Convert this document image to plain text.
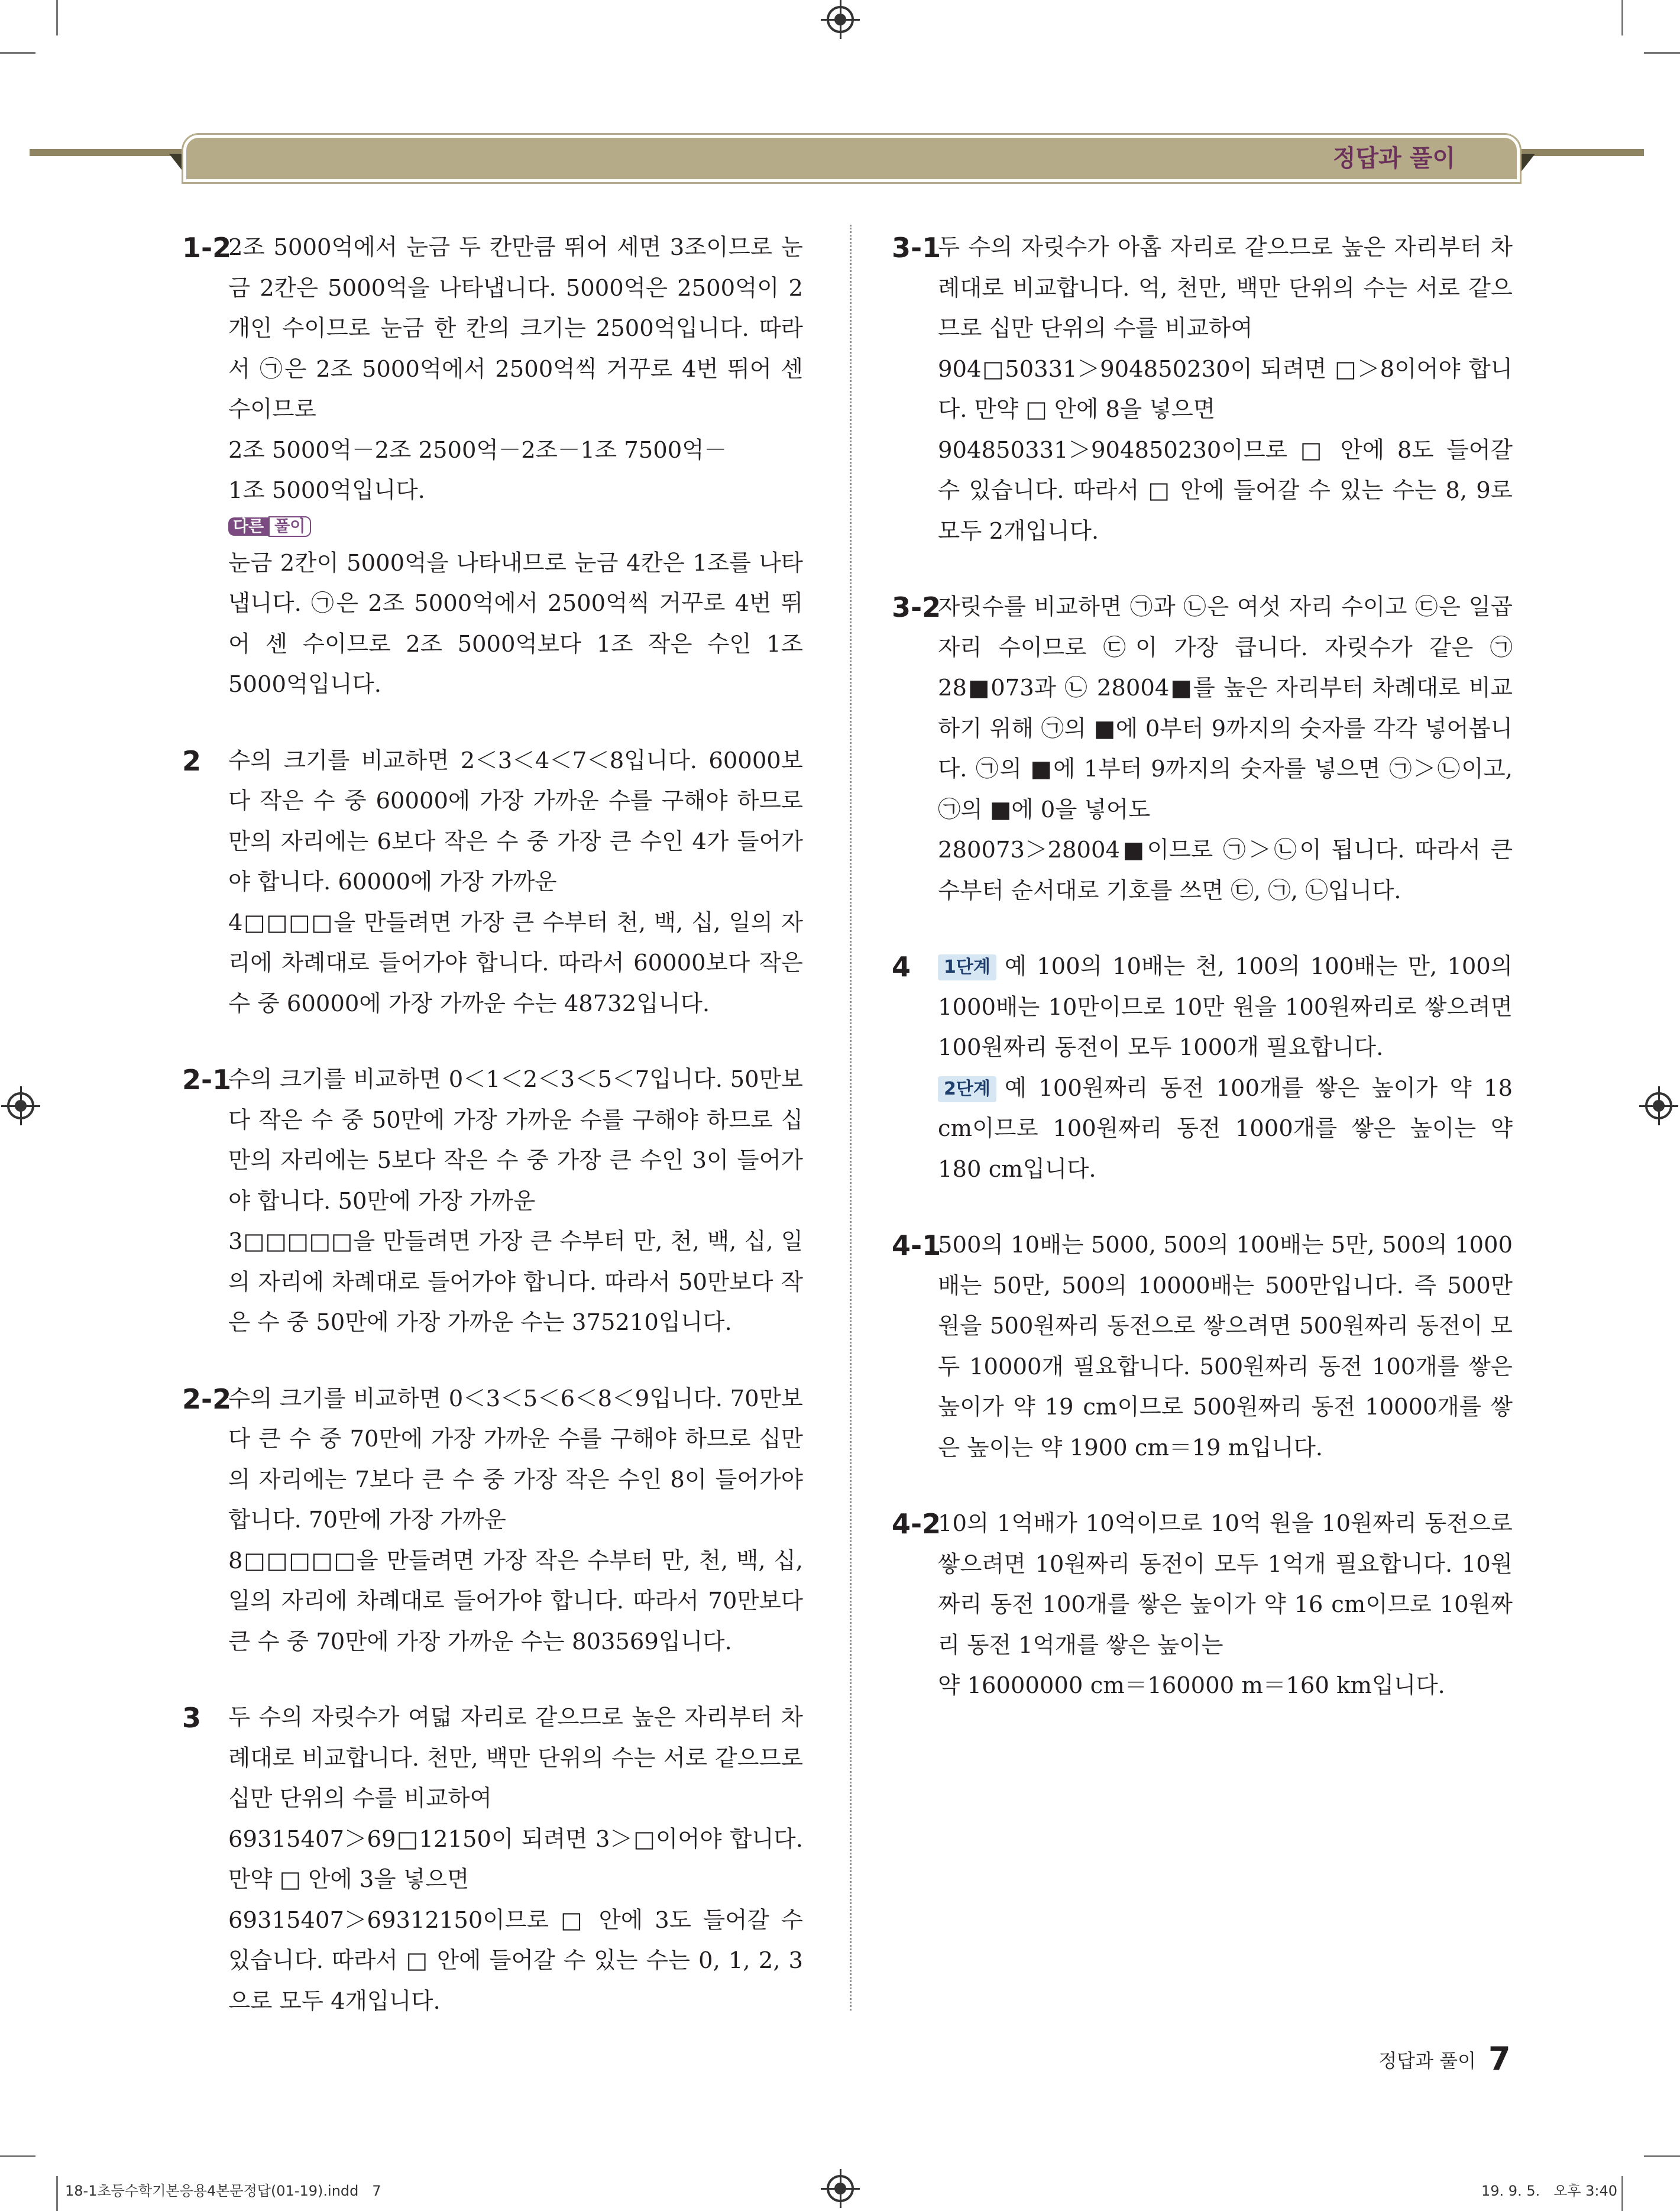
정답과 풀이
1-2

2조 5000억에서 눈금 두 칸만큼 뛰어 세면 3조이므로 눈금 2칸은 5000억을 나타냅니다. 5000억은 2500억이 2개인 수이므로 눈금 한 칸의 크기는 2500억입니다. 따라서 ㉠은 2조 5000억에서 2500억씩 거꾸로 4번 뛰어 센 수이므로

2조 5000억－2조 2500억－2조－1조 7500억－

1조 5000억입니다.

다른 풀이

눈금 2칸이 5000억을 나타내므로 눈금 4칸은 1조를 나타냅니다. ㉠은 2조 5000억에서 2500억씩 거꾸로 4번 뛰어 센 수이므로 2조 5000억보다 1조 작은 수인 1조 5000억입니다.

2 수의 크기를 비교하면 2＜3＜4＜7＜8입니다. 60000보다 작은 수 중 60000에 가장 가까운 수를 구해야 하므로 만의 자리에는 6보다 작은 수 중 가장 큰 수인 4가 들어가야 합니다. 60000에 가장 가까운

4□□□□을 만들려면 가장 큰 수부터 천, 백, 십, 일의 자리에 차례대로 들어가야 합니다. 따라서 60000보다 작은 수 중 60000에 가장 가까운 수는 48732입니다.

2-1

수의 크기를 비교하면 0＜1＜2＜3＜5＜7입니다. 50만보다 작은 수 중 50만에 가장 가까운 수를 구해야 하므로 십만의 자리에는 5보다 작은 수 중 가장 큰 수인 3이 들어가야 합니다. 50만에 가장 가까운

3□□□□□을 만들려면 가장 큰 수부터 만, 천, 백, 십, 일의 자리에 차례대로 들어가야 합니다. 따라서 50만보다 작은 수 중 50만에 가장 가까운 수는 375210입니다.

2-2

수의 크기를 비교하면 0＜3＜5＜6＜8＜9입니다. 70만보다 큰 수 중 70만에 가장 가까운 수를 구해야 하므로 십만의 자리에는 7보다 큰 수 중 가장 작은 수인 8이 들어가야 합니다. 70만에 가장 가까운

8□□□□□을 만들려면 가장 작은 수부터 만, 천, 백, 십, 일의 자리에 차례대로 들어가야 합니다. 따라서 70만보다 큰 수 중 70만에 가장 가까운 수는 803569입니다.

3 두 수의 자릿수가 여덟 자리로 같으므로 높은 자리부터 차례대로 비교합니다. 천만, 백만 단위의 수는 서로 같으므로 십만 단위의 수를 비교하여

69315407＞69□12150이 되려면 3＞□이어야 합니다. 만약 □ 안에 3을 넣으면

69315407＞69312150이므로 □ 안에 3도 들어갈 수 있습니다. 따라서 □ 안에 들어갈 수 있는 수는 0, 1, 2, 3으로 모두 4개입니다.

3-1

두 수의 자릿수가 아홉 자리로 같으므로 높은 자리부터 차례대로 비교합니다. 억, 천만, 백만 단위의 수는 서로 같으므로 십만 단위의 수를 비교하여

904□50331＞904850230이 되려면 □＞8이어야 합니다. 만약 □ 안에 8을 넣으면

904850331＞904850230이므로 □ 안에 8도 들어갈 수 있습니다. 따라서 □ 안에 들어갈 수 있는 수는 8, 9로 모두 2개입니다.

3-2

자릿수를 비교하면 ㉠과 ㉡은 여섯 자리 수이고 ㉢은 일곱 자리 수이므로 ㉢이 가장 큽니다. 자릿수가 같은 ㉠ 28■073과 ㉡ 28004■를 높은 자리부터 차례대로 비교하기 위해 ㉠의 ■에 0부터 9까지의 숫자를 각각 넣어봅니다. ㉠의 ■에 1부터 9까지의 숫자를 넣으면 ㉠＞㉡이고, ㉠의 ■에 0을 넣어도

280073＞28004■이므로 ㉠＞㉡이 됩니다. 따라서 큰 수부터 순서대로 기호를 쓰면 ㉢, ㉠, ㉡입니다.

4	1단계 예 100의 10배는 천, 100의 100배는 만, 100의 1000배는 10만이므로 10만 원을 100원짜리로 쌓으려면 100원짜리 동전이 모두 1000개 필요합니다.

2단계 예 100원짜리 동전 100개를 쌓은 높이가 약 18 cm이므로 100원짜리 동전 1000개를 쌓은 높이는 약 180 cm입니다.

4-1

500의 10배는 5000, 500의 100배는 5만, 500의 1000배는 50만, 500의 10000배는 500만입니다. 즉 500만 원을 500원짜리 동전으로 쌓으려면 500원짜리 동전이 모두 10000개 필요합니다. 500원짜리 동전 100개를 쌓은 높이가 약 19 cm이므로 500원짜리 동전 10000개를 쌓은 높이는 약 1900 cm＝19 m입니다.

4-2

10의 1억배가 10억이므로 10억 원을 10원짜리 동전으로 쌓으려면 10원짜리 동전이 모두 1억개 필요합니다. 10원짜리 동전 100개를 쌓은 높이가 약 16 cm이므로 10원짜리 동전 1억개를 쌓은 높이는

약 16000000 cm＝160000 m＝160 km입니다.

정답과 풀이 7
18-1초등수학기본응용4본문정답(01-19).indd   7	19. 9. 5.   오후 3:40
